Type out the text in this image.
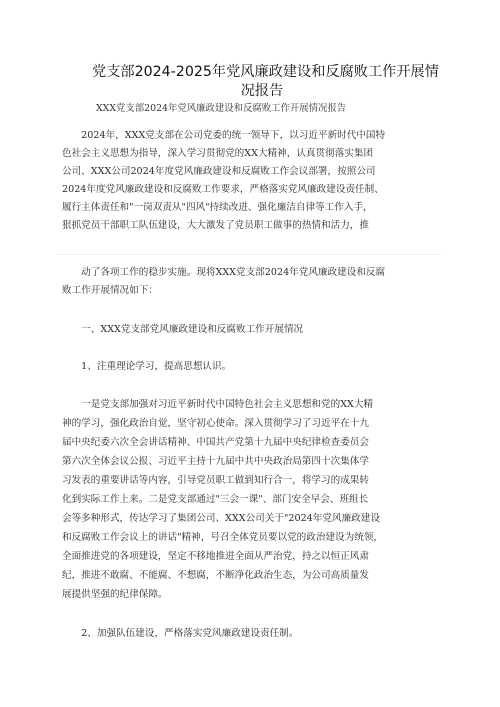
党支部2024-2025年党风廉政建设和反腐败工作开展情
况报告
XXX党支部2024年党风廉政建设和反腐败工作开展情况报告
　　2024年，XXX党支部在公司党委的统一领导下，以习近平新时代中国特
色社会主义思想为指导，深入学习贯彻党的XX大精神，认真贯彻落实集团
公司、XXX公司2024年度党风廉政建设和反腐败工作会议部署，按照公司
2024年度党风廉政建设和反腐败工作要求，严格落实党风廉政建设责任制、
履行主体责任和"一岗双责从"四风"持续改进、强化廉洁自律等工作入手，
狠抓党员干部职工队伍建设，大大激发了党员职工做事的热情和活力，推
　　动了各项工作的稳步实施。现将XXX党支部2024年党风廉政建设和反腐
败工作开展情况如下：
　　一、XXX党支部党风廉政建设和反腐败工作开展情况
　　1、注重理论学习，提高思想认识。
　　一是党支部加强对习近平新时代中国特色社会主义思想和党的XX大精
神的学习，强化政治自觉，坚守初心使命。深入贯彻学习了习近平在十九
届中央纪委六次全会讲话精神、中国共产党第十九届中央纪律检查委员会
第六次全体会议公报、习近平主持十九届中共中央政治局第四十次集体学
习发表的重要讲话等内容，引导党员职工做到知行合一，将学习的成果转
化到实际工作上来。二是党支部通过"三会一课"、部门安全早会、班组长
会等多种形式，传达学习了集团公司、XXX公司关于"2024年党风廉政建设
和反腐败工作会议上的讲话"精神，号召全体党员要以党的政治建设为统领，
全面推进党的各项建设，坚定不移地推进全面从严治党，持之以恒正风肃
纪，推进不敢腐、不能腐、不想腐，不断净化政治生态，为公司高质量发
展提供坚强的纪律保障。
　　2、加强队伍建设，严格落实党风廉政建设责任制。
